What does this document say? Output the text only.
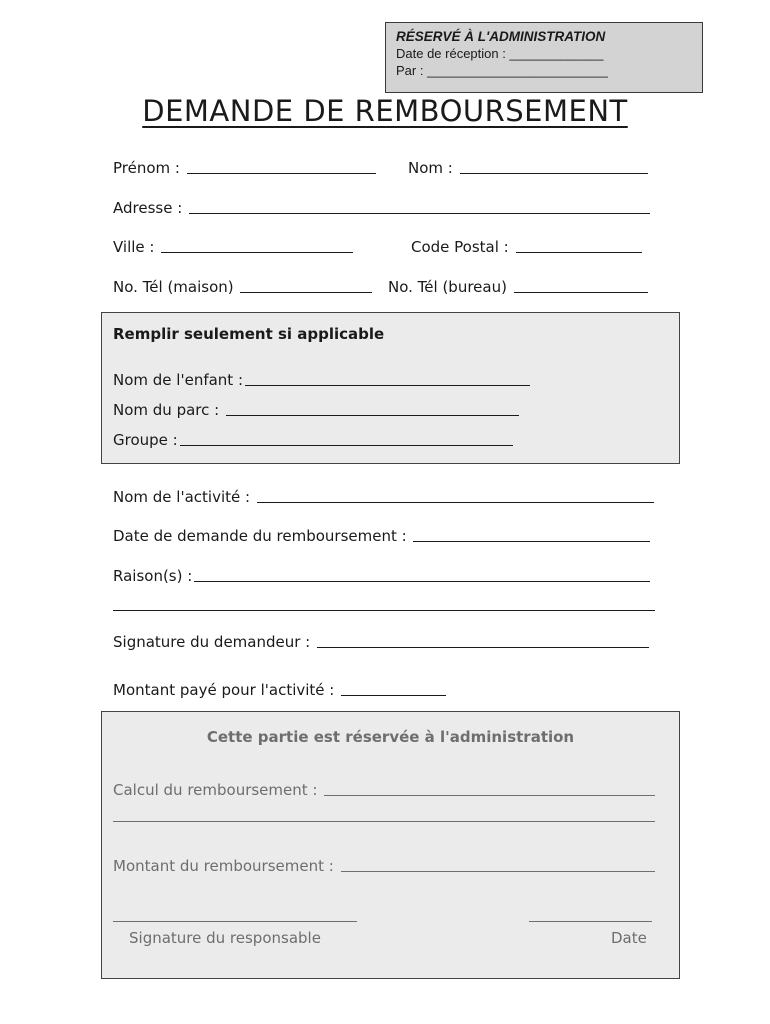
RÉSERVÉ À L'ADMINISTRATION
Date de réception : _____________
Par : _________________________
DEMANDE DE REMBOURSEMENT
Prénom :	Nom :
Adresse :
Ville :	Code Postal :
No. Tél (maison)	No. Tél (bureau)
Remplir seulement si applicable
Nom de l'enfant :
Nom du parc :
Groupe :
Nom de l'activité :
Date de demande du remboursement :
Raison(s) :
Signature du demandeur :
Montant payé pour l'activité :
Cette partie est réservée à l'administration
Calcul du remboursement :
Montant du remboursement :
Signature du responsable	Date
